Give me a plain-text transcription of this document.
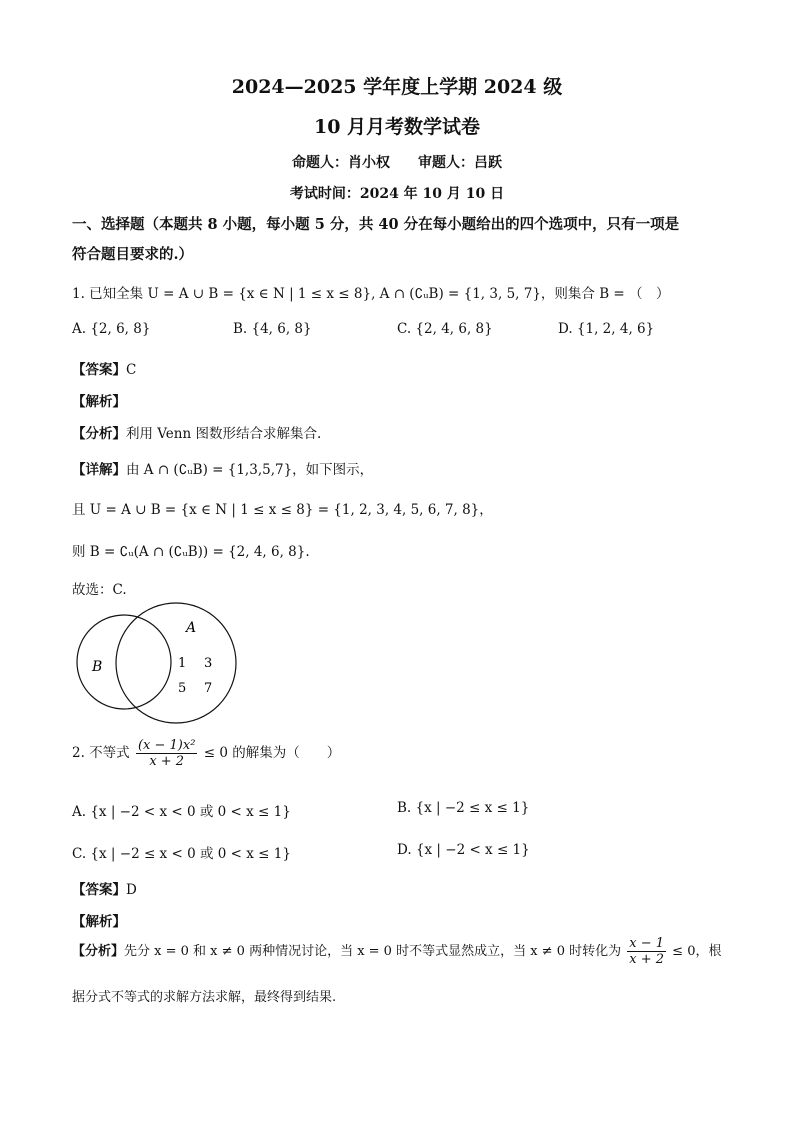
2024—2025 学年度上学期 2024 级
10 月月考数学试卷
命题人：肖小权　　审题人：吕跃
考试时间：2024 年 10 月 10 日
一、选择题（本题共 8 小题，每小题 5 分，共 40 分在每小题给出的四个选项中，只有一项是
符合题目要求的.）
1. 已知全集 U = A ∪ B = {x ∈ N | 1 ≤ x ≤ 8}, A ∩ (∁ᵤB) = {1, 3, 5, 7}，则集合 B = （　）
A. {2, 6, 8}	B. {4, 6, 8}	C. {2, 4, 6, 8}	D. {1, 2, 4, 6}
【答案】C
【解析】
【分析】利用 Venn 图数形结合求解集合.
【详解】由 A ∩ (∁ᵤB) = {1,3,5,7}，如下图示，
且 U = A ∪ B = {x ∈ N | 1 ≤ x ≤ 8} = {1, 2, 3, 4, 5, 6, 7, 8}，
则 B = ∁ᵤ(A ∩ (∁ᵤB)) = {2, 4, 6, 8}.
故选：C.
A
B	1 3
5 7
2. 不等式 $\frac{\text{(x − 1)x²}}{x + 2} \le 0$ 的解集为（　　）
A. {x | −2 < x < 0 或 0 < x ≤ 1}	B. {x | −2 ≤ x ≤ 1}
C. {x | −2 ≤ x < 0 或 0 < x ≤ 1}	D. {x | −2 < x ≤ 1}
【答案】D
【解析】
【分析】先分 x = 0 和 x ≠ 0 两种情况讨论，当 x = 0 时不等式显然成立，当 x ≠ 0 时转化为 $\frac{x - 1}{x + 2} \le 0$，根
据分式不等式的求解方法求解，最终得到结果.
